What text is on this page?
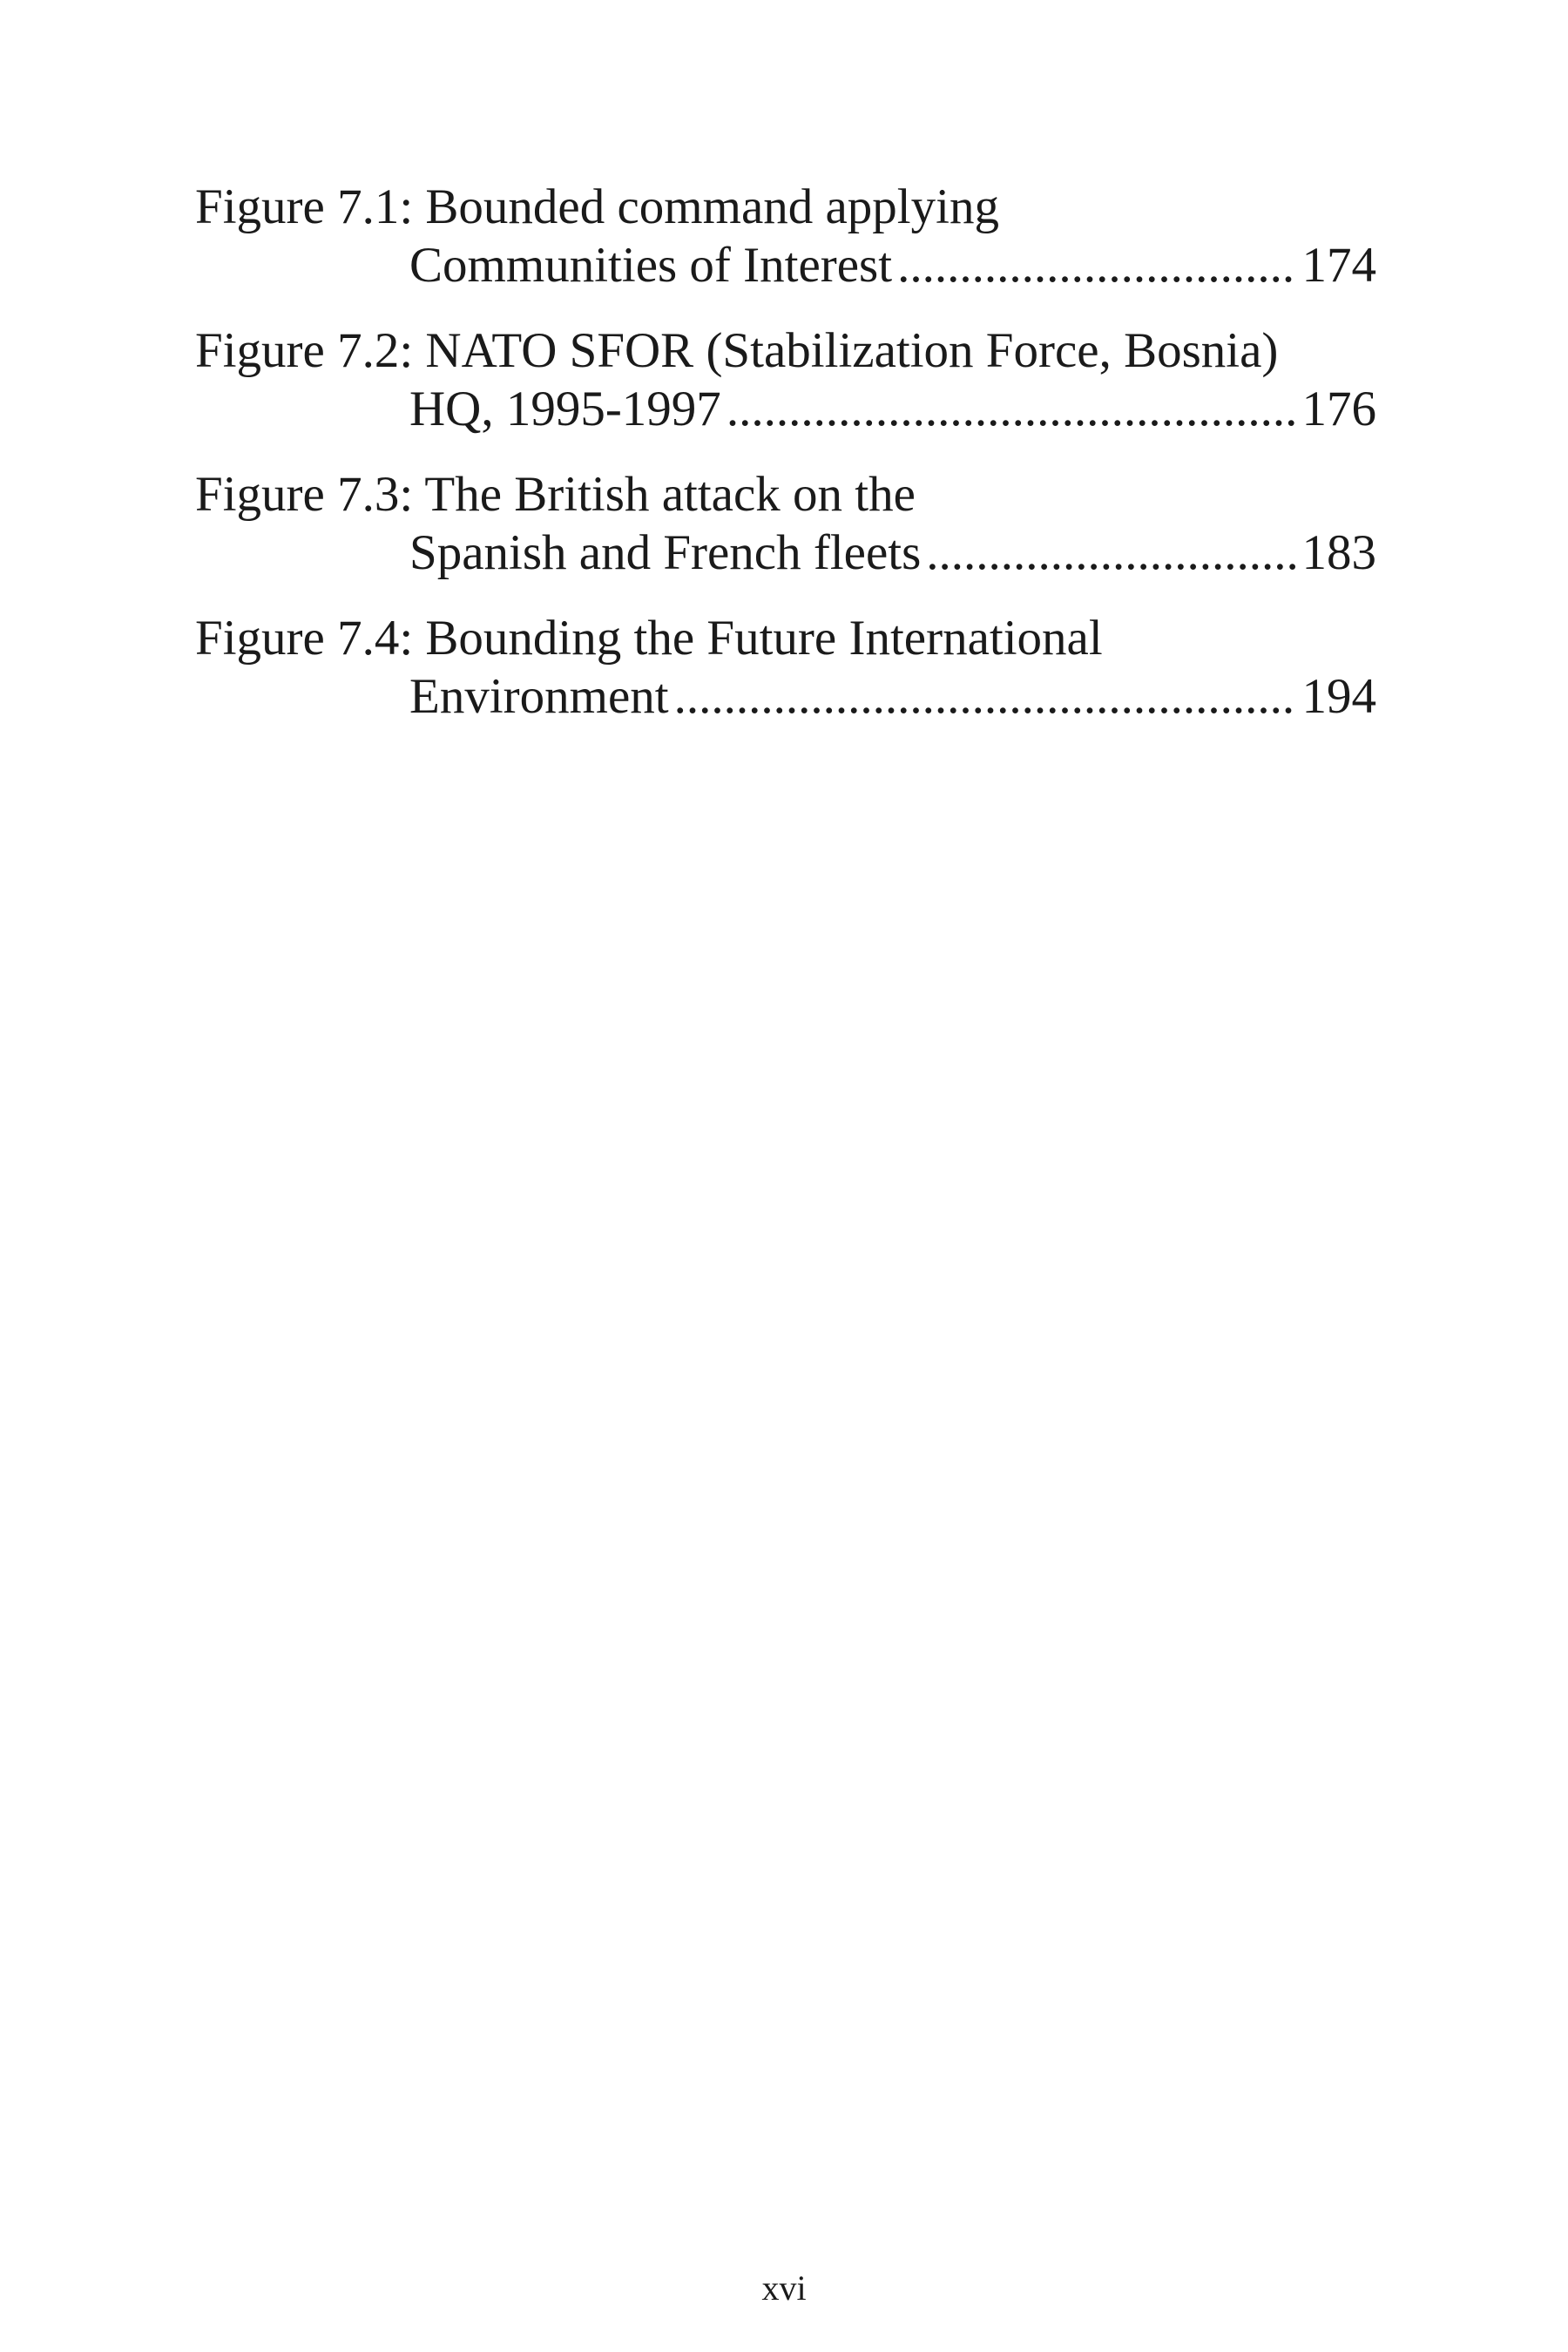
Figure 7.1: Bounded command applying
Communities of Interest .....	174
Figure 7.2: NATO SFOR (Stabilization Force, Bosnia)
HQ, 1995-1997 .....	176
Figure 7.3: The British attack on the
Spanish and French fleets .....	183
Figure 7.4: Bounding the Future International
Environment .....	194
xvi
